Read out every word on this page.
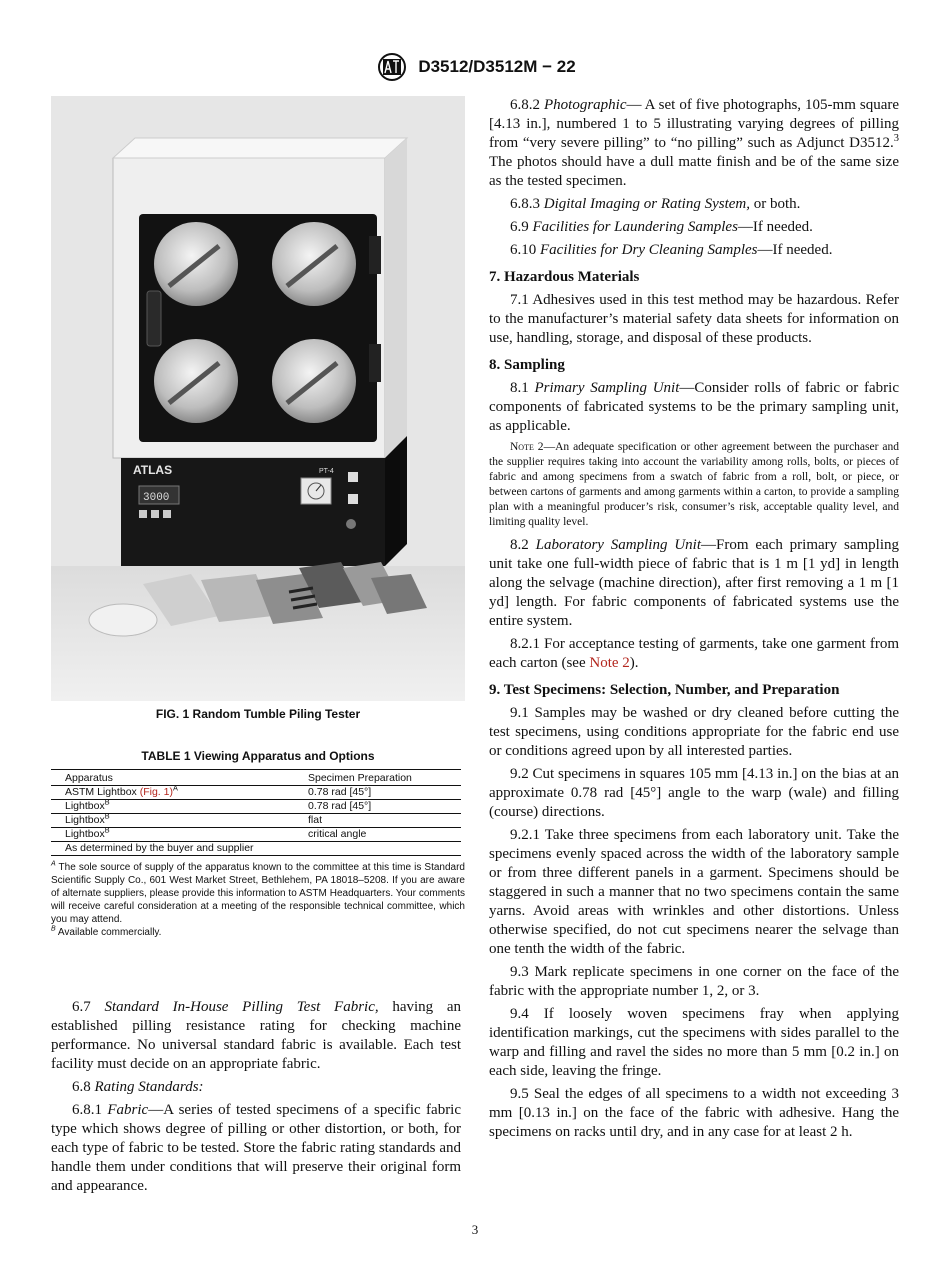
D3512/D3512M − 22
ATLAS
3000
PT-4
FIG. 1 Random Tumble Piling Tester
TABLE 1 Viewing Apparatus and Options
Apparatus	Specimen Preparation
ASTM Lightbox (Fig. 1)$^A$	0.78 rad [45°]
Lightbox$^B$	0.78 rad [45°]
Lightbox$^B$	flat
Lightbox$^B$	critical angle
As determined by the buyer and supplier	
$^A$ The sole source of supply of the apparatus known to the committee at this time is Standard Scientific Supply Co., 601 West Market Street, Bethlehem, PA 18018–5208. If you are aware of alternate suppliers, please provide this information to ASTM Headquarters. Your comments will receive careful consideration at a meeting of the responsible technical committee, which you may attend.
$^B$ Available commercially.

6.7 Standard In-House Pilling Test Fabric, having an established pilling resistance rating for checking machine performance. No universal standard fabric is available. Each test facility must decide on an appropriate fabric.

6.8 Rating Standards:

6.8.1 Fabric—A series of tested specimens of a specific fabric type which shows degree of pilling or other distortion, or both, for each type of fabric to be tested. Store the fabric rating standards and handle them under conditions that will preserve their original form and appearance.

6.8.2 Photographic— A set of five photographs, 105-mm square [4.13 in.], numbered 1 to 5 illustrating varying degrees of pilling from “very severe pilling” to “no pilling” such as Adjunct D3512.$^3$ The photos should have a dull matte finish and be of the same size as the tested specimen.

6.8.3 Digital Imaging or Rating System, or both.

6.9 Facilities for Laundering Samples—If needed.

6.10 Facilities for Dry Cleaning Samples—If needed.

7. Hazardous Materials

7.1 Adhesives used in this test method may be hazardous. Refer to the manufacturer’s material safety data sheets for information on use, handling, storage, and disposal of these products.

8. Sampling

8.1 Primary Sampling Unit—Consider rolls of fabric or fabric components of fabricated systems to be the primary sampling unit, as applicable.

Note 2—An adequate specification or other agreement between the purchaser and the supplier requires taking into account the variability among rolls, bolts, or pieces of fabric and among specimens from a swatch of fabric from a roll, bolt, or piece, or between cartons of garments and among garments within a carton, to provide a sampling plan with a meaningful producer’s risk, consumer’s risk, acceptable quality level, and limiting quality level.

8.2 Laboratory Sampling Unit—From each primary sampling unit take one full-width piece of fabric that is 1 m [1 yd] in length along the selvage (machine direction), after first removing a 1 m [1 yd] length. For fabric components of fabricated systems use the entire system.

8.2.1 For acceptance testing of garments, take one garment from each carton (see Note 2).

9. Test Specimens: Selection, Number, and Preparation

9.1 Samples may be washed or dry cleaned before cutting the test specimens, using conditions appropriate for the fabric end use or conditions agreed upon by all interested parties.

9.2 Cut specimens in squares 105 mm [4.13 in.] on the bias at an approximate 0.78 rad [45°] angle to the warp (wale) and filling (course) directions.

9.2.1 Take three specimens from each laboratory unit. Take the specimens evenly spaced across the width of the laboratory sample or from three different panels in a garment. Specimens should be staggered in such a manner that no two specimens contain the same yarns. Avoid areas with wrinkles and other distortions. Unless otherwise specified, do not cut specimens nearer the selvage than one tenth the width of the fabric.

9.3 Mark replicate specimens in one corner on the face of the fabric with the appropriate number 1, 2, or 3.

9.4 If loosely woven specimens fray when applying identification markings, cut the specimens with sides parallel to the warp and filling and ravel the sides no more than 5 mm [0.2 in.] on each side, leaving the fringe.

9.5 Seal the edges of all specimens to a width not exceeding 3 mm [0.13 in.] on the face of the fabric with adhesive. Hang the specimens on racks until dry, and in any case for at least 2 h.

3
